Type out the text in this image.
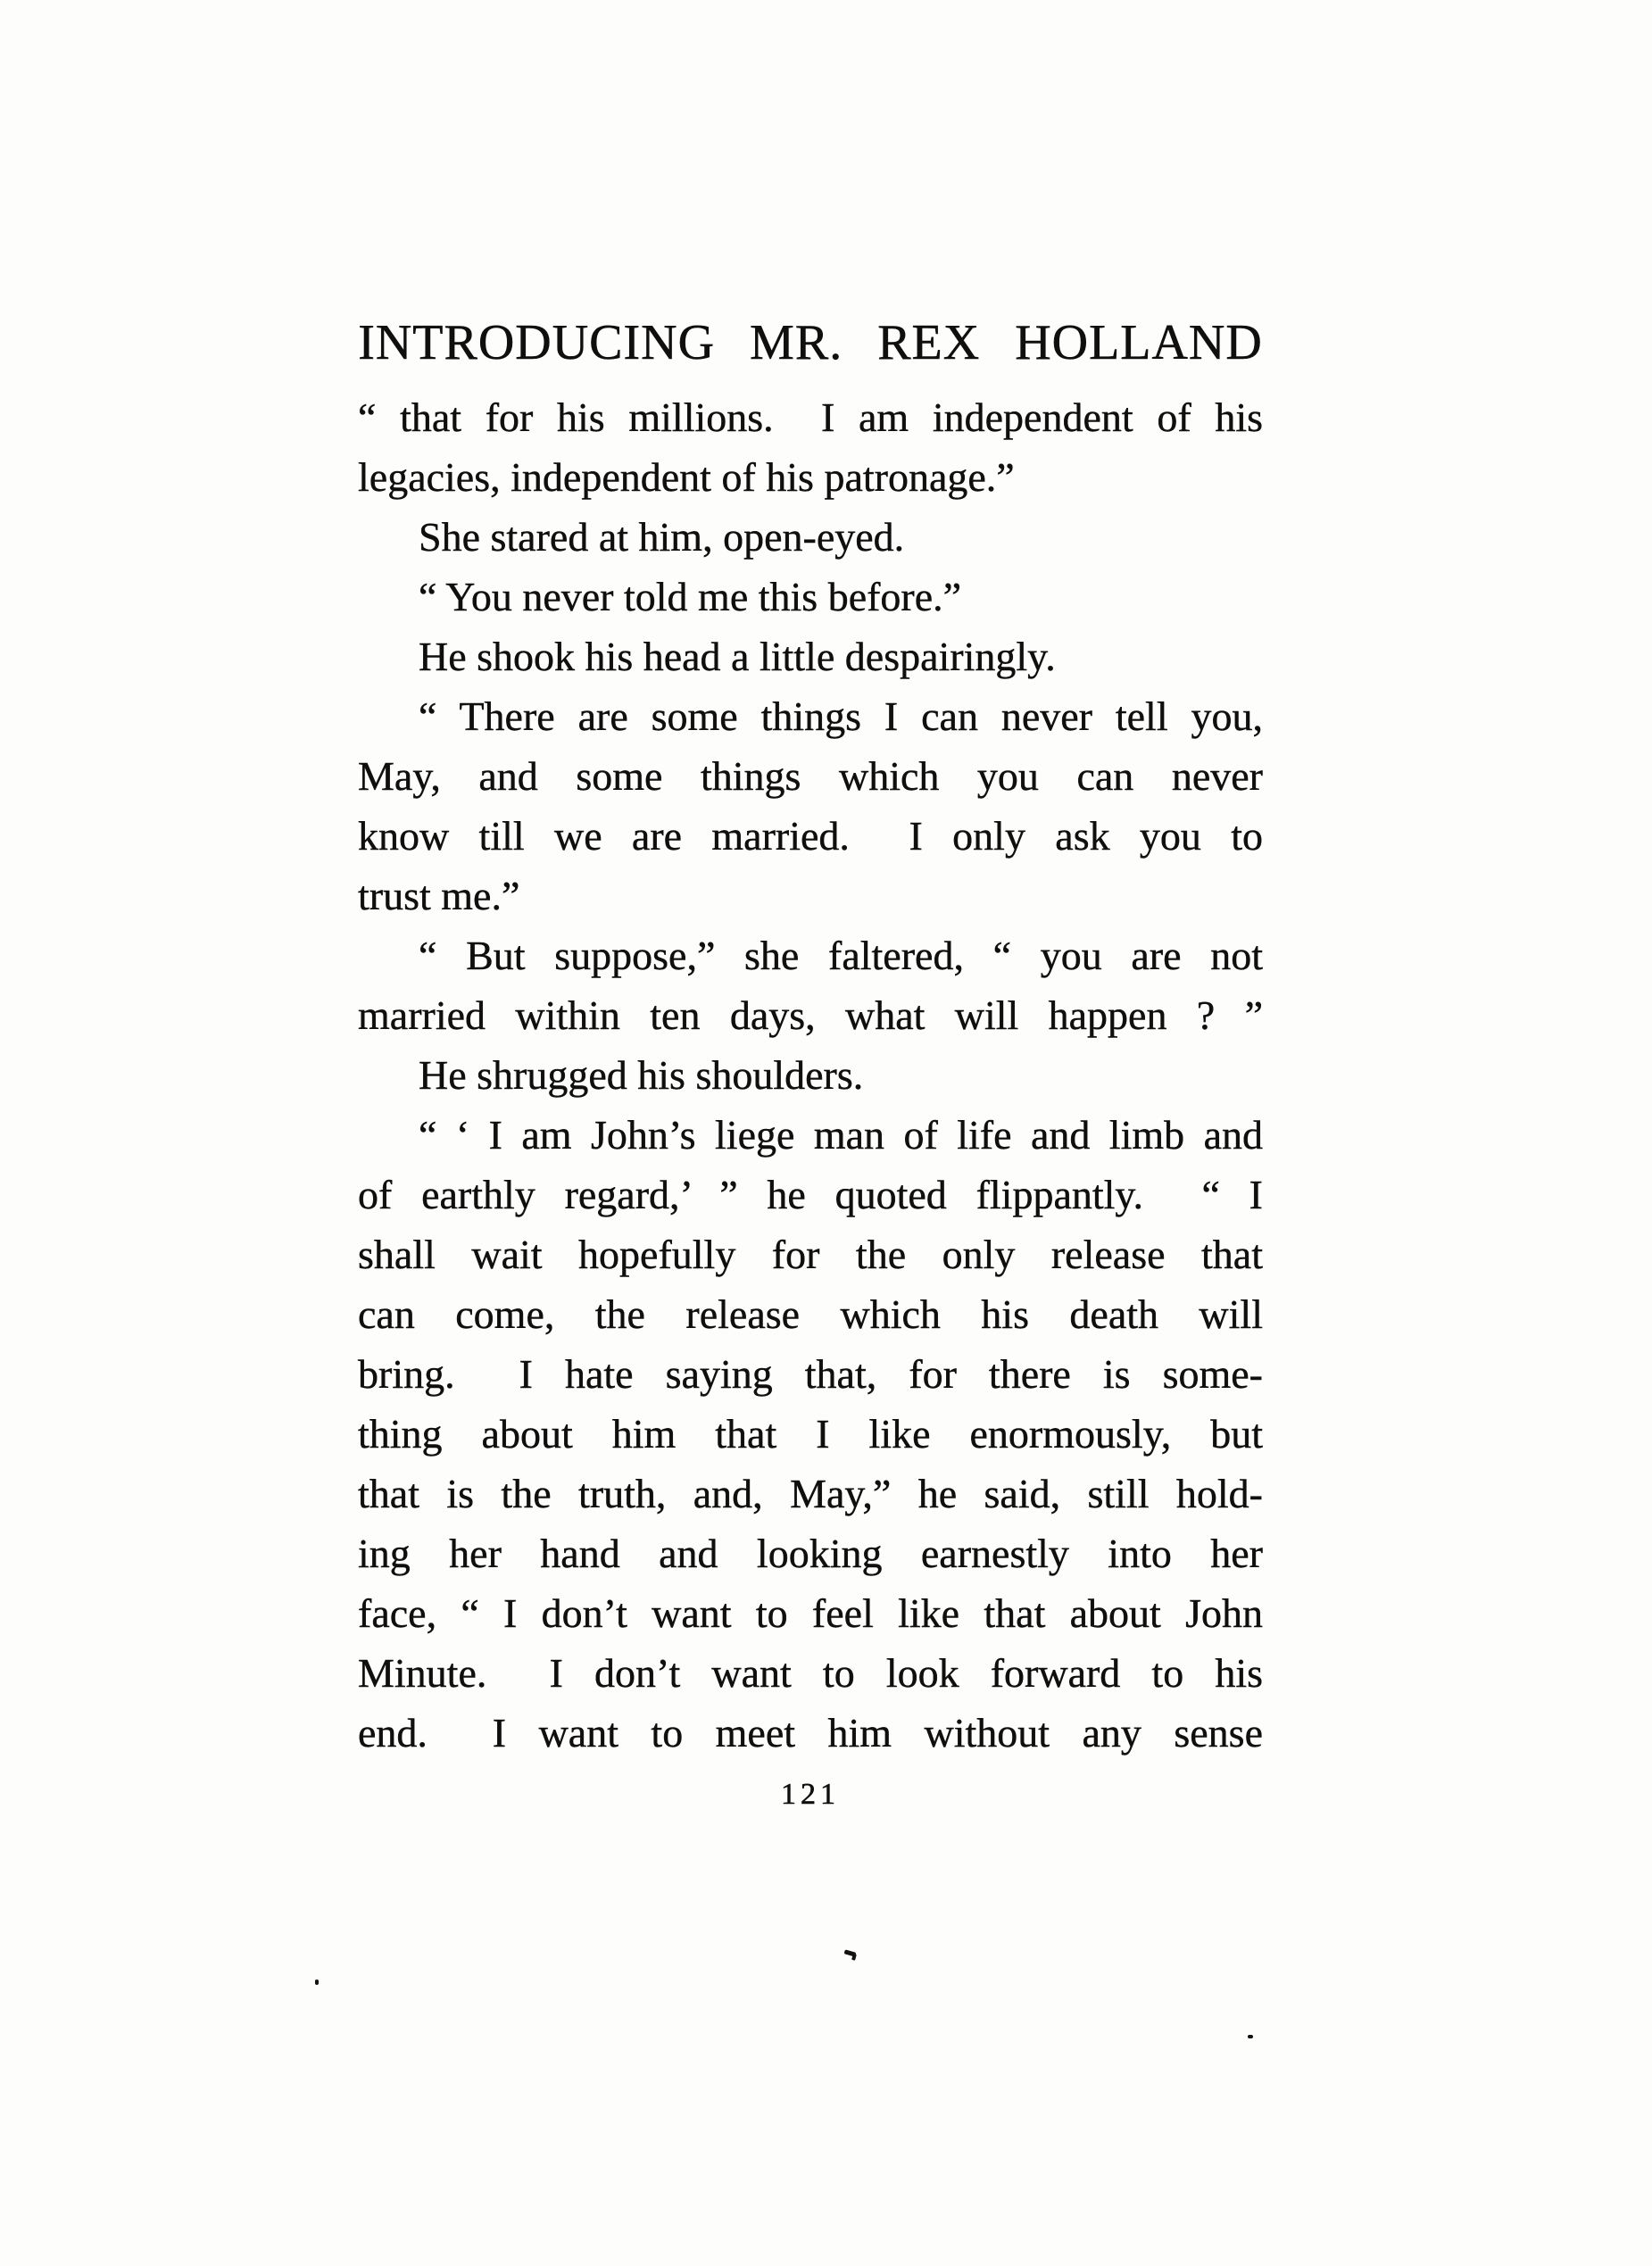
INTRODUCING MR. REX HOLLAND
“ that for his millions.  I am independent of his
legacies, independent of his patronage.”
She stared at him, open-eyed.
“ You never told me this before.”
He shook his head a little despairingly.
“ There are some things I can never tell you,
May, and some things which you can never
know till we are married.  I only ask you to
trust me.”
“ But suppose,” she faltered, “ you are not
married within ten days, what will happen ? ”
He shrugged his shoulders.
“ ‘ I am John’s liege man of life and limb and
of earthly regard,’ ” he quoted flippantly.  “ I
shall wait hopefully for the only release that
can come, the release which his death will
bring.  I hate saying that, for there is some-
thing about him that I like enormously, but
that is the truth, and, May,” he said, still hold-
ing her hand and looking earnestly into her
face, “ I don’t want to feel like that about John
Minute.  I don’t want to look forward to his
end.  I want to meet him without any sense
121
